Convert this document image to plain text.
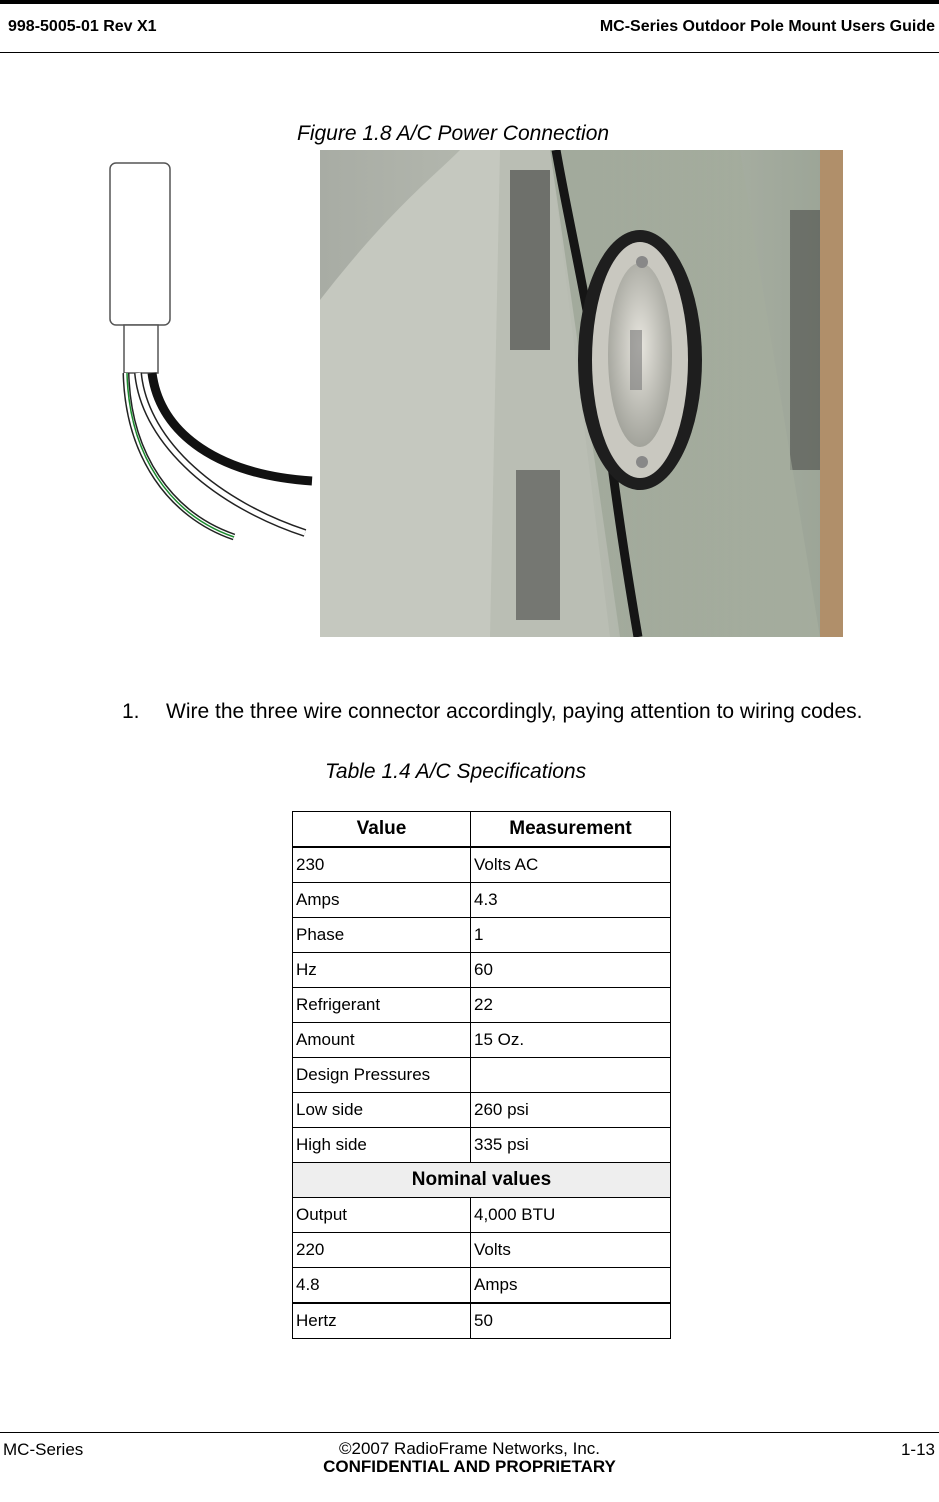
998-5005-01 Rev X1	MC-Series Outdoor Pole Mount Users Guide
Figure 1.8 A/C Power Connection
1. Wire the three wire connector accordingly, paying attention to wiring codes.
Table 1.4 A/C Specifications
Value	Measurement
230	Volts AC
Amps	4.3
Phase	1
Hz	60
Refrigerant	22
Amount	15 Oz.
Design Pressures	
Low side	260 psi
High side	335 psi
Nominal values	
Output	4,000 BTU
220	Volts
4.8	Amps
Hertz	50
MC-Series	©2007 RadioFrame Networks, Inc.
CONFIDENTIAL AND PROPRIETARY
1-13
